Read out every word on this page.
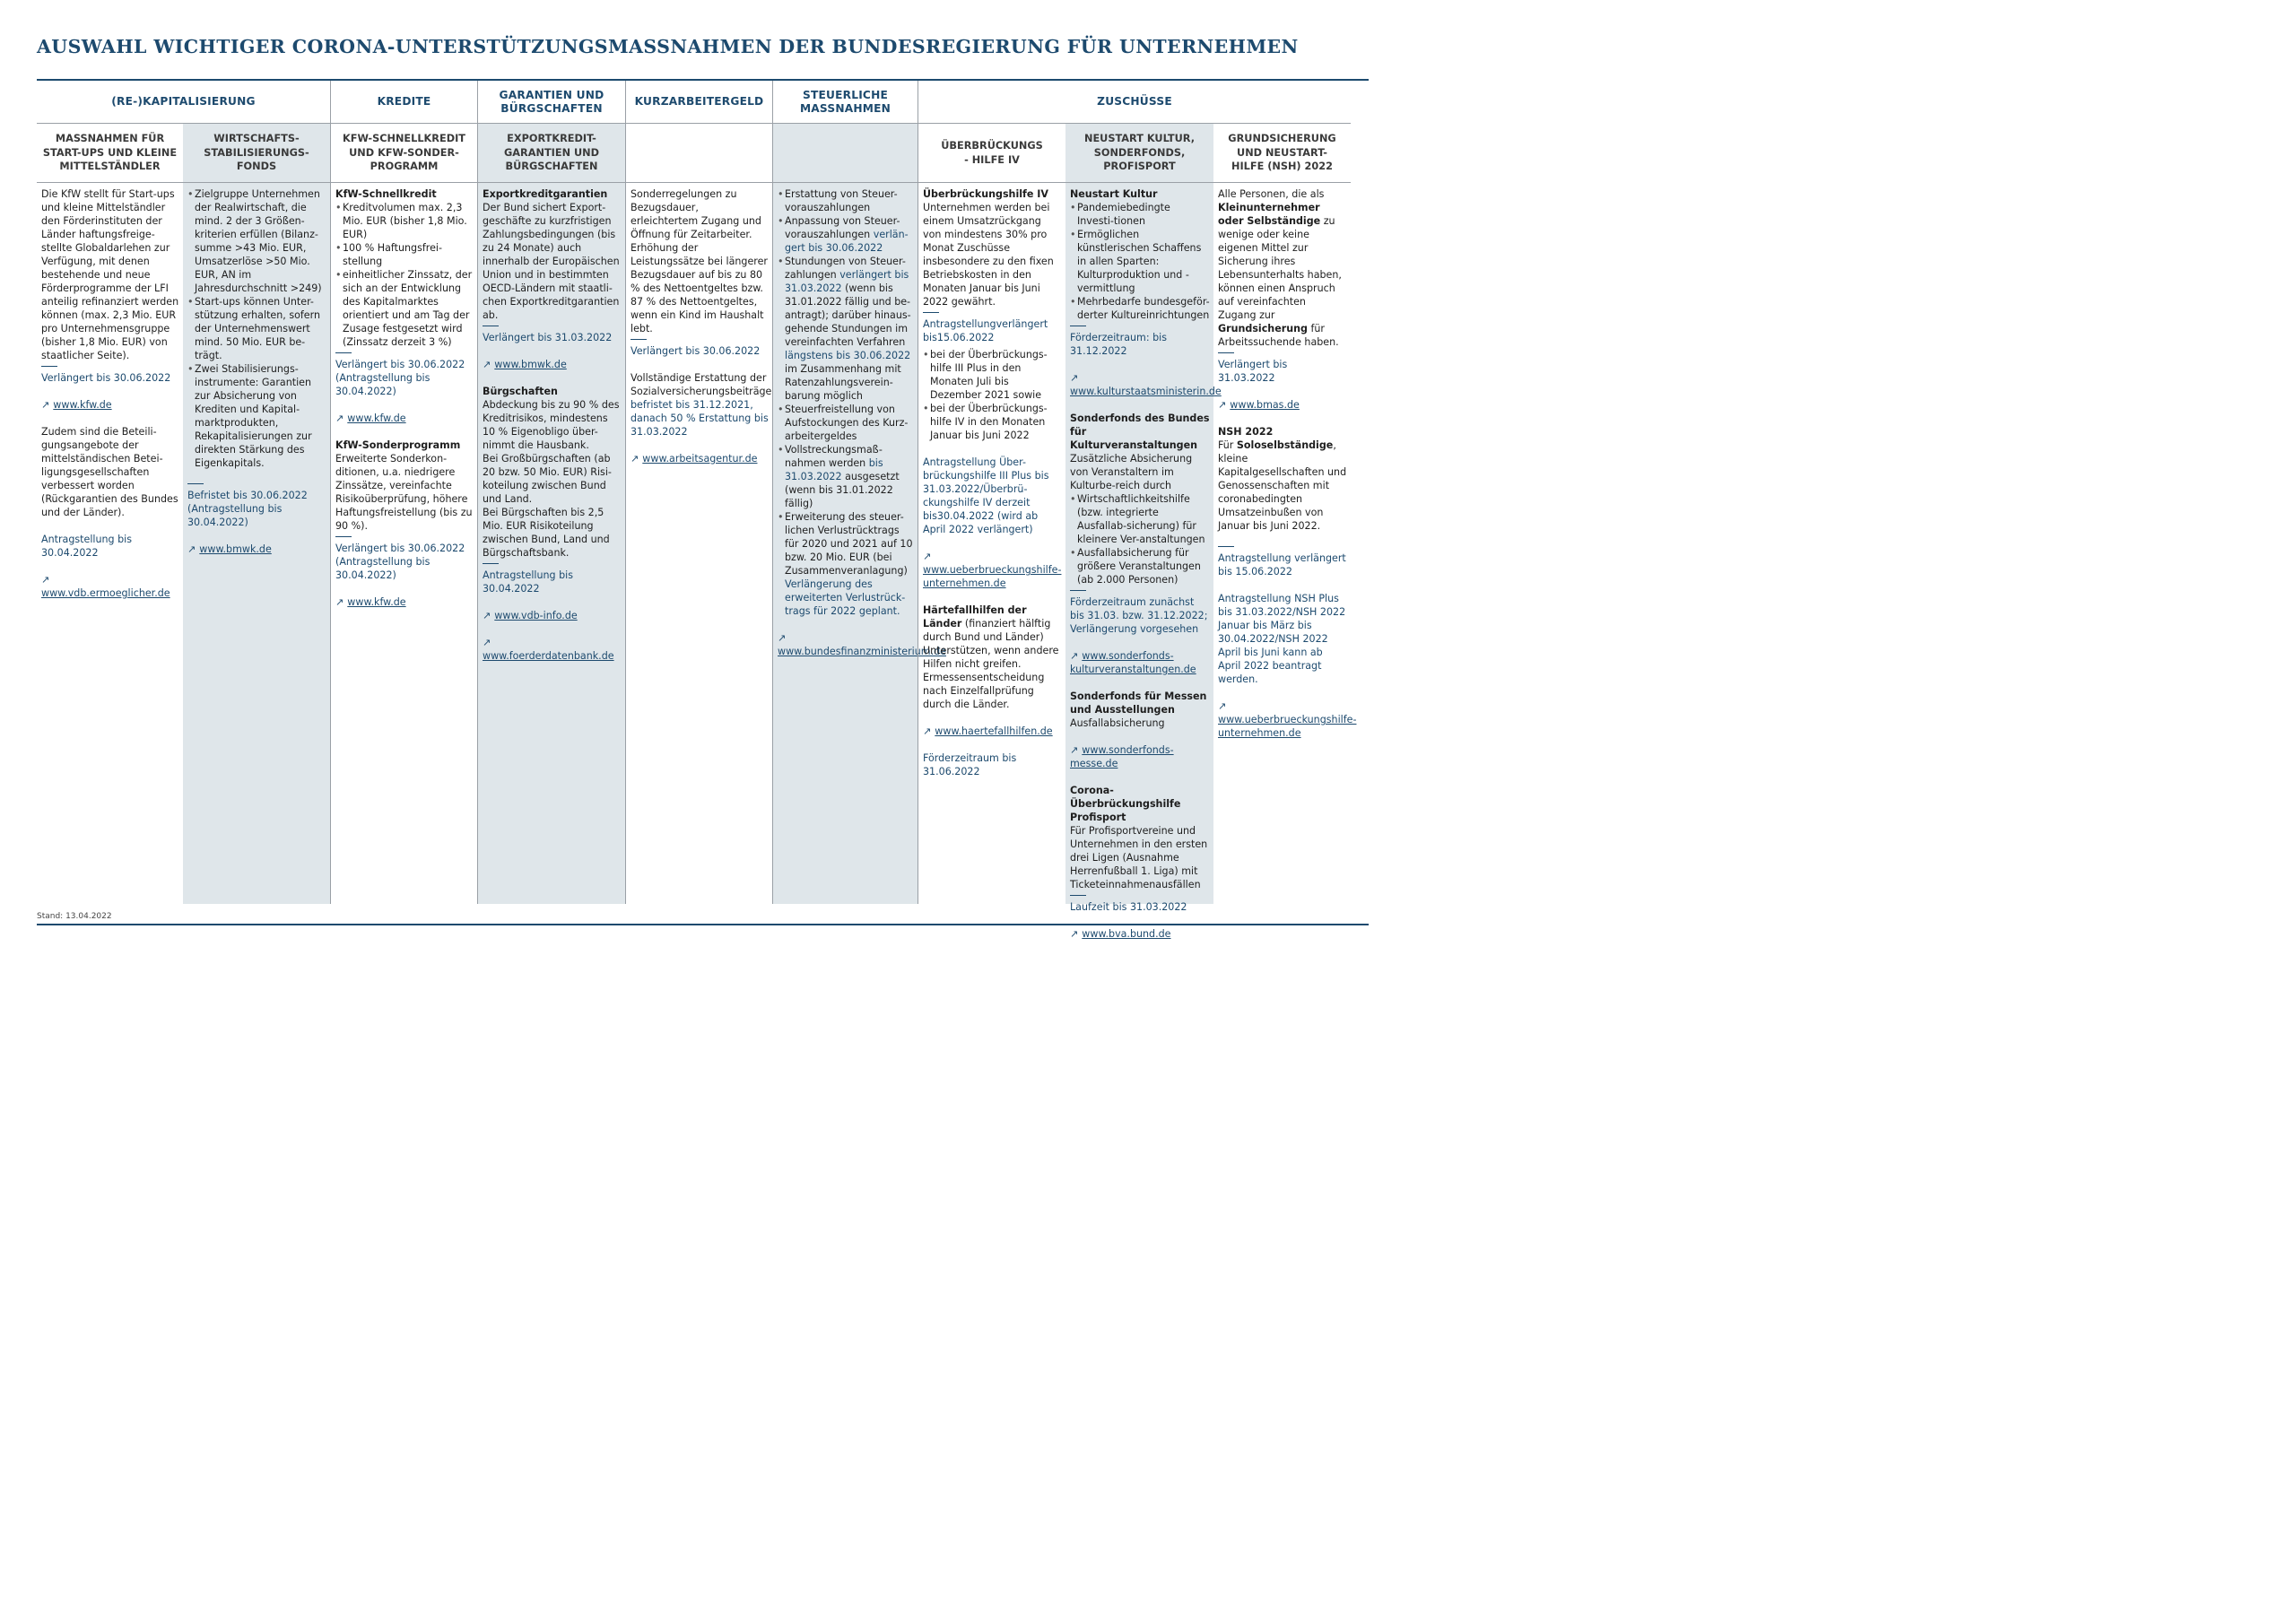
AUSWAHL WICHTIGER CORONA-UNTERSTÜTZUNGSMASSNAHMEN DER BUNDESREGIERUNG FÜR UNTERNEHMEN
(RE-)KAPITALISIERUNG	KREDITE
GARANTIEN UND
BÜRGSCHAFTEN
KURZARBEITERGELD
STEUERLICHE
MASSNAHMEN
ZUSCHÜSSE
MASSNAHMEN FÜR
START-UPS UND KLEINE
MITTELSTÄNDLER
WIRTSCHAFTS-
STABILISIERUNGS-
FONDS
KFW-SCHNELLKREDIT
UND KFW-SONDER-
PROGRAMM
EXPORTKREDIT-
GARANTIEN UND
BÜRGSCHAFTEN
ÜBERBRÜCKUNGS
- HILFE IV
NEUSTART KULTUR,
SONDERFONDS,
PROFISPORT
GRUNDSICHERUNG
UND NEUSTART-
HILFE (NSH) 2022

Die KfW stellt für Start-ups und kleine Mittelständler den Förderinstituten der Länder haftungsfreige-stellte Globaldarlehen zur Verfügung, mit denen bestehende und neue Förderprogramme der LFI anteilig refinanziert werden können (max. 2,3 Mio. EUR pro Unternehmensgruppe (bisher 1,8 Mio. EUR) von staatlicher Seite).

Verlängert bis 30.06.2022

↗ www.kfw.de

Zudem sind die Beteili-gungsangebote der mittelständischen Betei-ligungsgesellschaften verbessert worden (Rückgarantien des Bundes und der Länder).

Antragstellung bis 30.04.2022

↗www.vdb.ermoeglicher.de

• Zielgruppe Unternehmen der Realwirtschaft, die mind. 2 der 3 Größen-kriterien erfüllen (Bilanz-summe >43 Mio. EUR, Umsatzerlöse >50 Mio. EUR, AN im Jahresdurchschnitt >249)
• Start-ups können Unter-stützung erhalten, sofern der Unternehmenswert mind. 50 Mio. EUR be-trägt.
• Zwei Stabilisierungs-instrumente: Garantien zur Absicherung von Krediten und Kapital-marktprodukten, Rekapitalisierungen zur direkten Stärkung des Eigenkapitals.

Befristet bis 30.06.2022 (Antragstellung bis 30.04.2022)

↗ www.bmwk.de

KfW-Schnellkredit

• Kreditvolumen max. 2,3 Mio. EUR (bisher 1,8 Mio. EUR)
• 100 % Haftungsfrei-stellung
• einheitlicher Zinssatz, der sich an der Entwicklung des Kapitalmarktes orientiert und am Tag der Zusage festgesetzt wird (Zinssatz derzeit 3 %)

Verlängert bis 30.06.2022 (Antragstellung bis 30.04.2022)

↗ www.kfw.de

KfW-Sonderprogramm

Erweiterte Sonderkon-ditionen, u.a. niedrigere Zinssätze, vereinfachte Risikoüberprüfung, höhere Haftungsfreistellung (bis zu 90 %).

Verlängert bis 30.06.2022 (Antragstellung bis 30.04.2022)

↗ www.kfw.de

Exportkreditgarantien

Der Bund sichert Export-geschäfte zu kurzfristigen Zahlungsbedingungen (bis zu 24 Monate) auch innerhalb der Europäischen Union und in bestimmten OECD-Ländern mit staatli-chen Exportkreditgarantien ab.

Verlängert bis 31.03.2022

↗ www.bmwk.de

Bürgschaften

Abdeckung bis zu 90 % des Kreditrisikos, mindestens 10 % Eigenobligo über-nimmt die Hausbank.

Bei Großbürgschaften (ab 20 bzw. 50 Mio. EUR) Risi-koteilung zwischen Bund und Land.

Bei Bürgschaften bis 2,5 Mio. EUR Risikoteilung zwischen Bund, Land und Bürgschaftsbank.

Antragstellung bis 30.04.2022

↗ www.vdb-info.de

↗www.foerderdatenbank.de

Sonderregelungen zu Bezugsdauer, erleichtertem Zugang und Öffnung für Zeitarbeiter. Erhöhung der Leistungssätze bei längerer Bezugsdauer auf bis zu 80 % des Nettoentgeltes bzw. 87 % des Nettoentgeltes, wenn ein Kind im Haushalt lebt.

Verlängert bis 30.06.2022

Vollständige Erstattung der Sozialversicherungsbeiträge befristet bis 31.12.2021, danach 50 % Erstattung bis 31.03.2022

↗ www.arbeitsagentur.de

• Erstattung von Steuer-vorauszahlungen
• Anpassung von Steuer-vorauszahlungen verlän-gert bis 30.06.2022
• Stundungen von Steuer-zahlungen verlängert bis 31.03.2022 (wenn bis 31.01.2022 fällig und be-antragt); darüber hinaus-gehende Stundungen im vereinfachten Verfahren längstens bis 30.06.2022 im Zusammenhang mit Ratenzahlungsverein-barung möglich
• Steuerfreistellung von Aufstockungen des Kurz-arbeitergeldes
• Vollstreckungsmaß-nahmen werden bis 31.03.2022 ausgesetzt (wenn bis 31.01.2022 fällig)
• Erweiterung des steuer-lichen Verlustrücktrags für 2020 und 2021 auf 10 bzw. 20 Mio. EUR (bei Zusammenveranlagung) Verlängerung des erweiterten Verlustrück-trags für 2022 geplant.

↗www.bundesfinanzministerium.de

Überbrückungshilfe IV

Unternehmen werden bei einem Umsatzrückgang von mindestens 30% pro Monat Zuschüsse insbesondere zu den fixen Betriebskosten in den Monaten Januar bis Juni 2022 gewährt.

Antragstellungverlängert bis15.06.2022

• bei der Überbrückungs-hilfe III Plus in den Monaten Juli bis Dezember 2021 sowie
• bei der Überbrückungs-hilfe IV in den Monaten Januar bis Juni 2022

Antragstellung Über-brückungshilfe III Plus bis 31.03.2022/Überbrü-ckungshilfe IV derzeit bis30.04.2022 (wird ab April 2022 verlängert)

↗www.ueberbrueckungshilfe-unternehmen.de

Härtefallhilfen der Länder (finanziert hälftig durch Bund und Länder) Unterstützen, wenn andere Hilfen nicht greifen. Ermessensentscheidung nach Einzelfallprüfung durch die Länder.

↗ www.haertefallhilfen.de

Förderzeitraum bis 31.06.2022

Neustart Kultur

• Pandemiebedingte Investi-tionen
• Ermöglichen künstlerischen Schaffens in allen Sparten: Kulturproduktion und -vermittlung
• Mehrbedarfe bundesgeför-derter Kultureinrichtungen

Förderzeitraum: bis 31.12.2022

↗www.kulturstaatsministerin.de

Sonderfonds des Bundes für Kulturveranstaltungen

Zusätzliche Absicherung von Veranstaltern im Kulturbe-reich durch

• Wirtschaftlichkeitshilfe (bzw. integrierte Ausfallab-sicherung) für kleinere Ver-anstaltungen
• Ausfallabsicherung für größere Veranstaltungen (ab 2.000 Personen)

Förderzeitraum zunächst bis 31.03. bzw. 31.12.2022; Verlängerung vorgesehen

↗ www.sonderfonds-kulturveranstaltungen.de

Sonderfonds für Messen und Ausstellungen

Ausfallabsicherung

↗ www.sonderfonds-messe.de

Corona-Überbrückungshilfe Profisport

Für Profisportvereine und Unternehmen in den ersten drei Ligen (Ausnahme Herrenfußball 1. Liga) mit Ticketeinnahmenausfällen

Laufzeit bis 31.03.2022

↗ www.bva.bund.de

Alle Personen, die als Kleinunternehmer oder Selbständige zu wenige oder keine eigenen Mittel zur Sicherung ihres Lebensunterhalts haben, können einen Anspruch auf vereinfachten Zugang zur Grundsicherung für Arbeitssuchende haben.

Verlängert bis 31.03.2022

↗ www.bmas.de

NSH 2022

Für Soloselbständige, kleine Kapitalgesellschaften und Genossenschaften mit coronabedingten Umsatzeinbußen von Januar bis Juni 2022.

Antragstellung verlängert bis 15.06.2022

Antragstellung NSH Plus bis 31.03.2022/NSH 2022 Januar bis März bis 30.04.2022/NSH 2022 April bis Juni kann ab April 2022 beantragt werden.

↗www.ueberbrueckungshilfe-unternehmen.de

Stand: 13.04.2022
